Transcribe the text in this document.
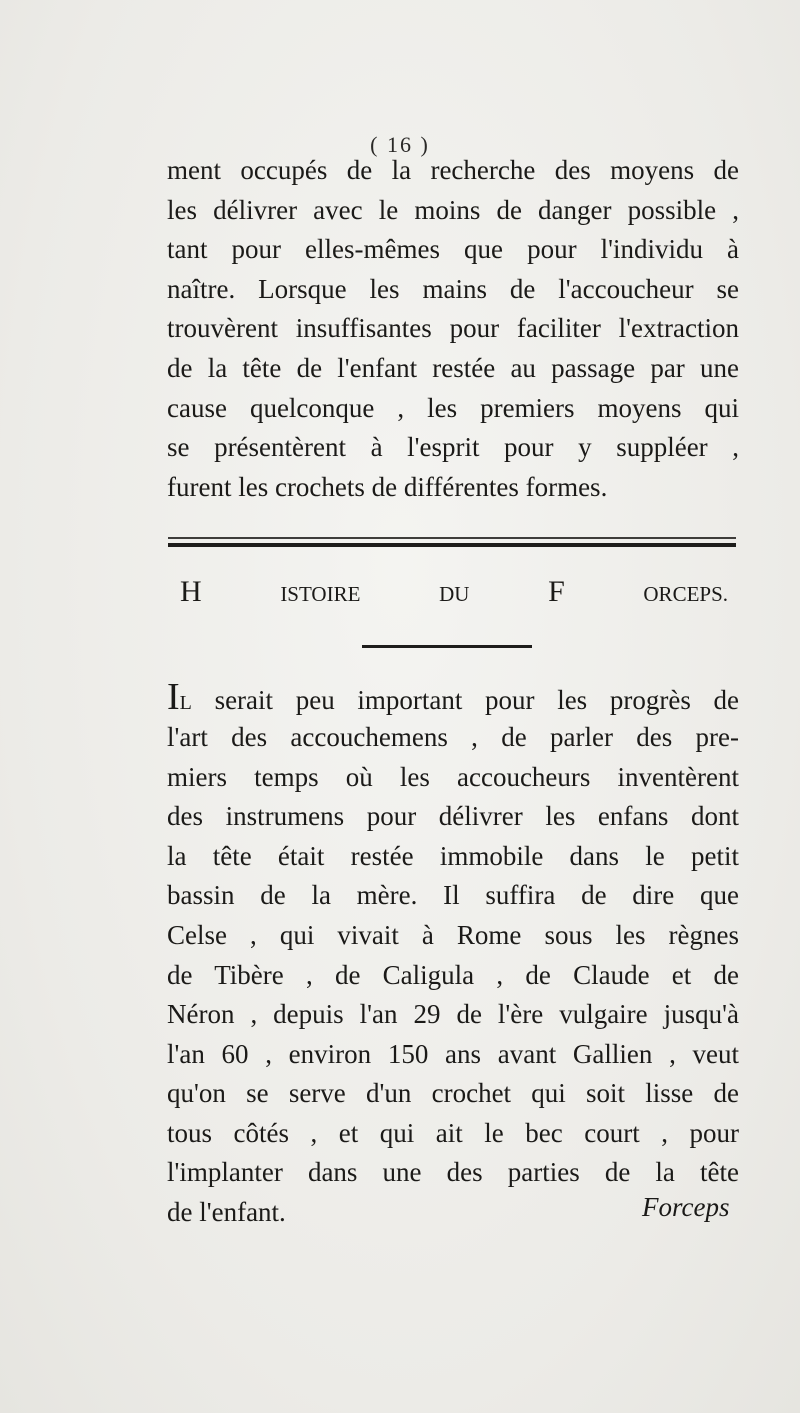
( 16 )
ment occupés de la recherche des moyens de
les délivrer avec le moins de danger possible ,
tant pour elles-mêmes que pour l'individu à
naître. Lorsque les mains de l'accoucheur se
trouvèrent insuffisantes pour faciliter l'extraction
de la tête de l'enfant restée au passage par une
cause quelconque , les premiers moyens qui
se présentèrent à l'esprit pour y suppléer ,
furent les crochets de différentes formes.
H	ISTOIRE	DU	F	ORCEPS.
IL serait peu important pour les progrès de
l'art des accouchemens , de parler des pre-
miers temps où les accoucheurs inventèrent
des instrumens pour délivrer les enfans dont
la tête était restée immobile dans le petit
bassin de la mère. Il suffira de dire que
Celse , qui vivait à Rome sous les règnes
de Tibère , de Caligula , de Claude et de
Néron , depuis l'an 29 de l'ère vulgaire jusqu'à
l'an 60 , environ 150 ans avant Gallien , veut
qu'on se serve d'un crochet qui soit lisse de
tous côtés , et qui ait le bec court , pour
l'implanter dans une des parties de la tête
de l'enfant.	Forceps
